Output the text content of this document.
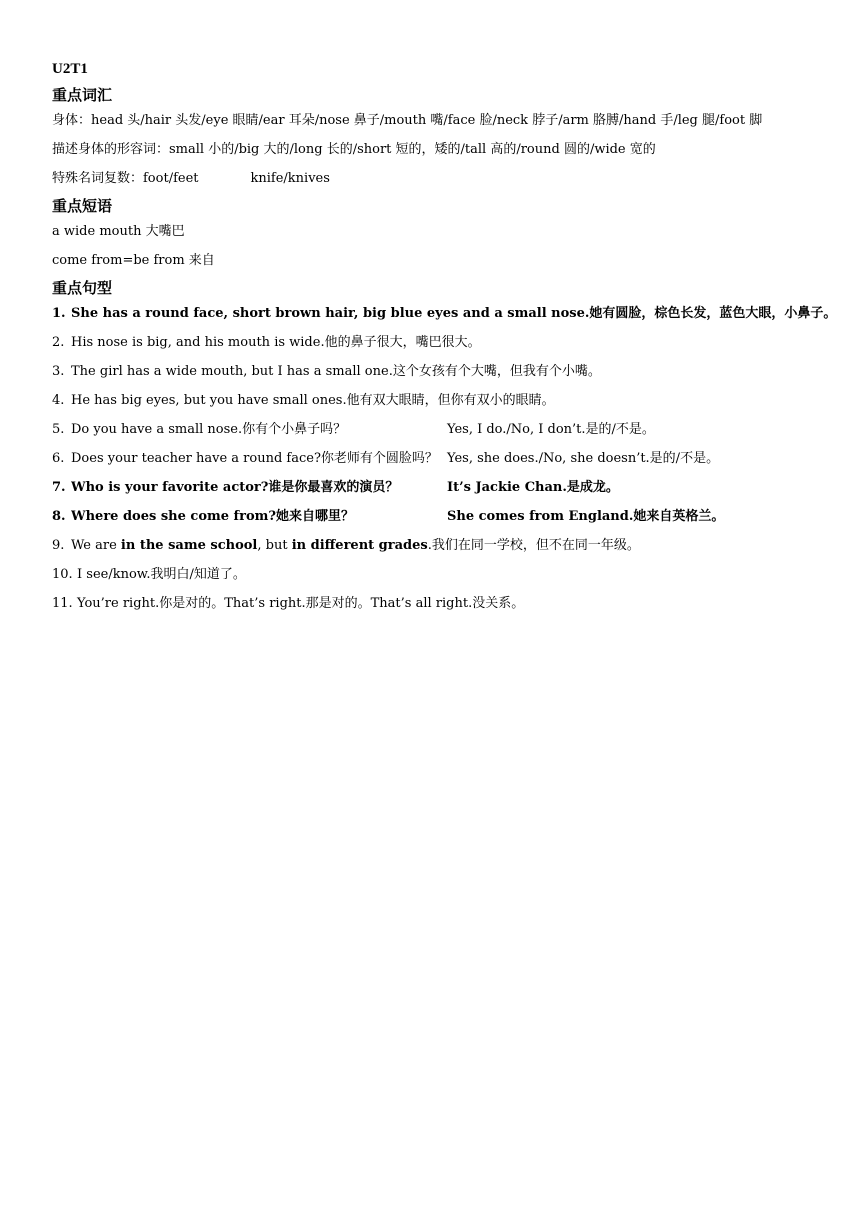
U2T1
重点词汇
身体：head 头/hair 头发/eye 眼睛/ear 耳朵/nose 鼻子/mouth 嘴/face 脸/neck 脖子/arm 胳膊/hand 手/leg 腿/foot 脚
描述身体的形容词：small 小的/big 大的/long 长的/short 短的，矮的/tall 高的/round 圆的/wide 宽的
特殊名词复数：foot/feet	knife/knives
重点短语
a wide mouth 大嘴巴
come from=be from 来自
重点句型
1. She has a round face, short brown hair, big blue eyes and a small nose.她有圆脸，棕色长发，蓝色大眼，小鼻子。
2. His nose is big, and his mouth is wide.他的鼻子很大，嘴巴很大。
3. The girl has a wide mouth, but I has a small one.这个女孩有个大嘴，但我有个小嘴。
4. He has big eyes, but you have small ones.他有双大眼睛，但你有双小的眼睛。
5. Do you have a small nose.你有个小鼻子吗？	Yes, I do./No, I don’t.是的/不是。
6. Does your teacher have a round face?你老师有个圆脸吗？ Yes, she does./No, she doesn’t.是的/不是。
7. Who is your favorite actor?谁是你最喜欢的演员？	It’s Jackie Chan.是成龙。
8. Where does she come from?她来自哪里？	She comes from England.她来自英格兰。
9. We are in the same school, but in different grades.我们在同一学校，但不在同一年级。
10. I see/know.我明白/知道了。
11. You’re right.你是对的。That’s right.那是对的。That’s all right.没关系。
